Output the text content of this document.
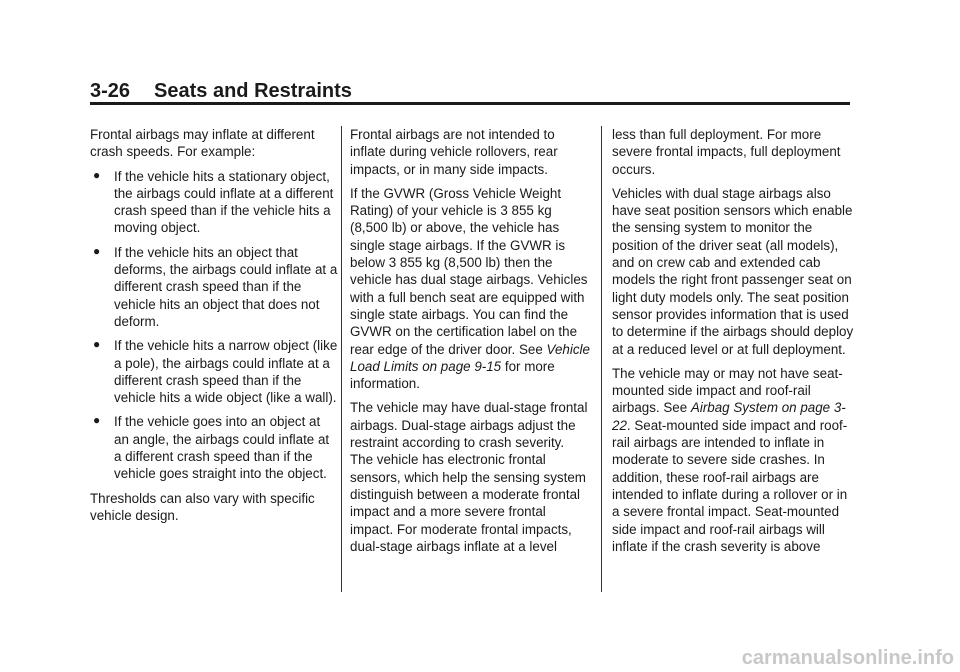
3-26 Seats and Restraints

Frontal airbags may inflate at different crash speeds. For example:

● If the vehicle hits a stationary object, the airbags could inflate at a different crash speed than if the vehicle hits a moving object.
● If the vehicle hits an object that deforms, the airbags could inflate at a different crash speed than if the vehicle hits an object that does not deform.
● If the vehicle hits a narrow object (like a pole), the airbags could inflate at a different crash speed than if the vehicle hits a wide object (like a wall).
● If the vehicle goes into an object at an angle, the airbags could inflate at a different crash speed than if the vehicle goes straight into the object.

Thresholds can also vary with specific vehicle design.

Frontal airbags are not intended to inflate during vehicle rollovers, rear impacts, or in many side impacts.

If the GVWR (Gross Vehicle Weight Rating) of your vehicle is 3 855 kg (8,500 lb) or above, the vehicle has single stage airbags. If the GVWR is below 3 855 kg (8,500 lb) then the vehicle has dual stage airbags. Vehicles with a full bench seat are equipped with single state airbags. You can find the GVWR on the certification label on the rear edge of the driver door. See Vehicle Load Limits on page 9-15 for more information.

The vehicle may have dual-stage frontal airbags. Dual-stage airbags adjust the restraint according to crash severity. The vehicle has electronic frontal sensors, which help the sensing system distinguish between a moderate frontal impact and a more severe frontal impact. For moderate frontal impacts, dual-stage airbags inflate at a level

less than full deployment. For more severe frontal impacts, full deployment occurs.

Vehicles with dual stage airbags also have seat position sensors which enable the sensing system to monitor the position of the driver seat (all models), and on crew cab and extended cab models the right front passenger seat on light duty models only. The seat position sensor provides information that is used to determine if the airbags should deploy at a reduced level or at full deployment.

The vehicle may or may not have seat-mounted side impact and roof-rail airbags. See Airbag System on page 3-22. Seat-mounted side impact and roof-rail airbags are intended to inflate in moderate to severe side crashes. In addition, these roof-rail airbags are intended to inflate during a rollover or in a severe frontal impact. Seat-mounted side impact and roof-rail airbags will inflate if the crash severity is above

carmanualsonline.info
